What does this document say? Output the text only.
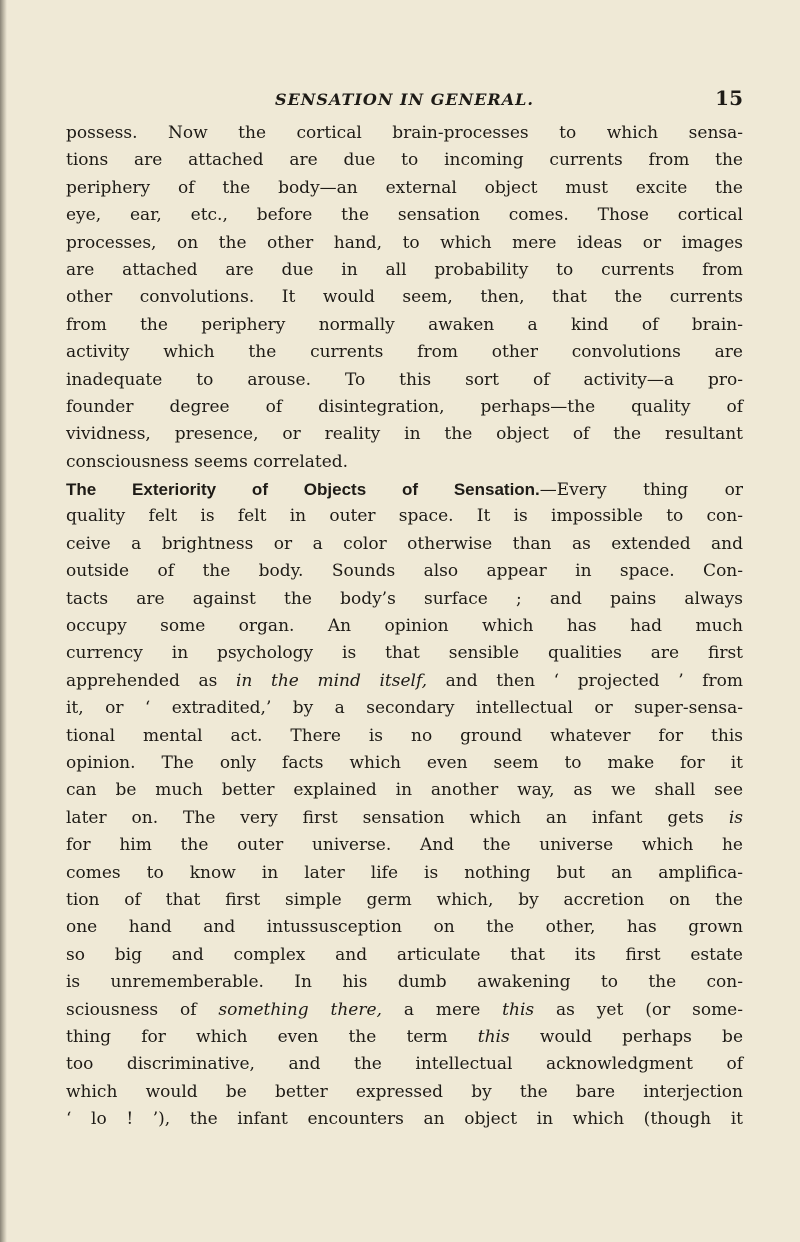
SENSATION IN GENERAL.	15
possess. Now the cortical brain-processes to which sensa-
tions are attached are due to incoming currents from the
periphery of the body—an external object must excite the
eye, ear, etc., before the sensation comes. Those cortical
processes, on the other hand, to which mere ideas or images
are attached are due in all probability to currents from
other convolutions. It would seem, then, that the currents
from the periphery normally awaken a kind of brain-
activity which the currents from other convolutions are
inadequate to arouse. To this sort of activity—a pro-
founder degree of disintegration, perhaps—the quality of
vividness, presence, or reality in the object of the resultant
consciousness seems correlated.
The Exteriority of Objects of Sensation.—Every thing or
quality felt is felt in outer space. It is impossible to con-
ceive a brightness or a color otherwise than as extended and
outside of the body. Sounds also appear in space. Con-
tacts are against the body’s surface ; and pains always
occupy some organ. An opinion which has had much
currency in psychology is that sensible qualities are first
apprehended as in the mind itself, and then ‘ projected ’ from
it, or ‘ extradited,’ by a secondary intellectual or super-sensa-
tional mental act. There is no ground whatever for this
opinion. The only facts which even seem to make for it
can be much better explained in another way, as we shall see
later on. The very first sensation which an infant gets is
for him the outer universe. And the universe which he
comes to know in later life is nothing but an amplifica-
tion of that first simple germ which, by accretion on the
one hand and intussusception on the other, has grown
so big and complex and articulate that its first estate
is unrememberable. In his dumb awakening to the con-
sciousness of something there, a mere this as yet (or some-
thing for which even the term this would perhaps be
too discriminative, and the intellectual acknowledgment of
which would be better expressed by the bare interjection
‘ lo ! ’), the infant encounters an object in which (though it
